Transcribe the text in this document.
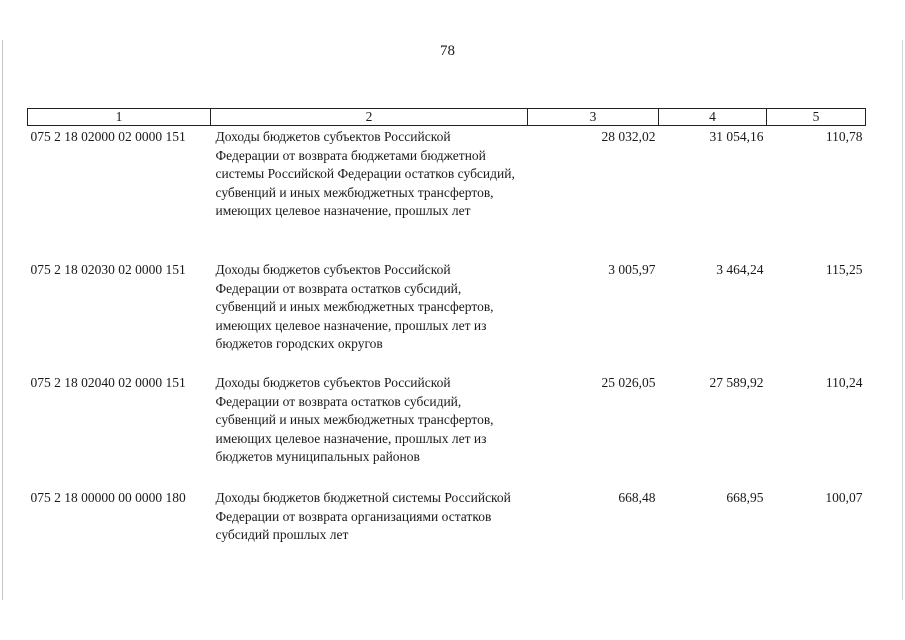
78
1	2	3	4	5
075 2 18 02000 02 0000 151	Доходы бюджетов субъектов Российской Федерации от возврата бюджетами бюджетной системы Российской Федерации остатков субсидий, субвенций и иных межбюджетных трансфертов, имеющих целевое назначение, прошлых лет	28 032,02	31 054,16	110,78
075 2 18 02030 02 0000 151	Доходы бюджетов субъектов Российской Федерации от возврата остатков субсидий, субвенций и иных межбюджетных трансфертов, имеющих целевое назначение, прошлых лет из бюджетов городских округов	3 005,97	3 464,24	115,25
075 2 18 02040 02 0000 151	Доходы бюджетов субъектов Российской Федерации от возврата остатков субсидий, субвенций и иных межбюджетных трансфертов, имеющих целевое назначение, прошлых лет из бюджетов муниципальных районов	25 026,05	27 589,92	110,24
075 2 18 00000 00 0000 180	Доходы бюджетов бюджетной системы Российской Федерации от возврата организациями остатков субсидий прошлых лет	668,48	668,95	100,07
